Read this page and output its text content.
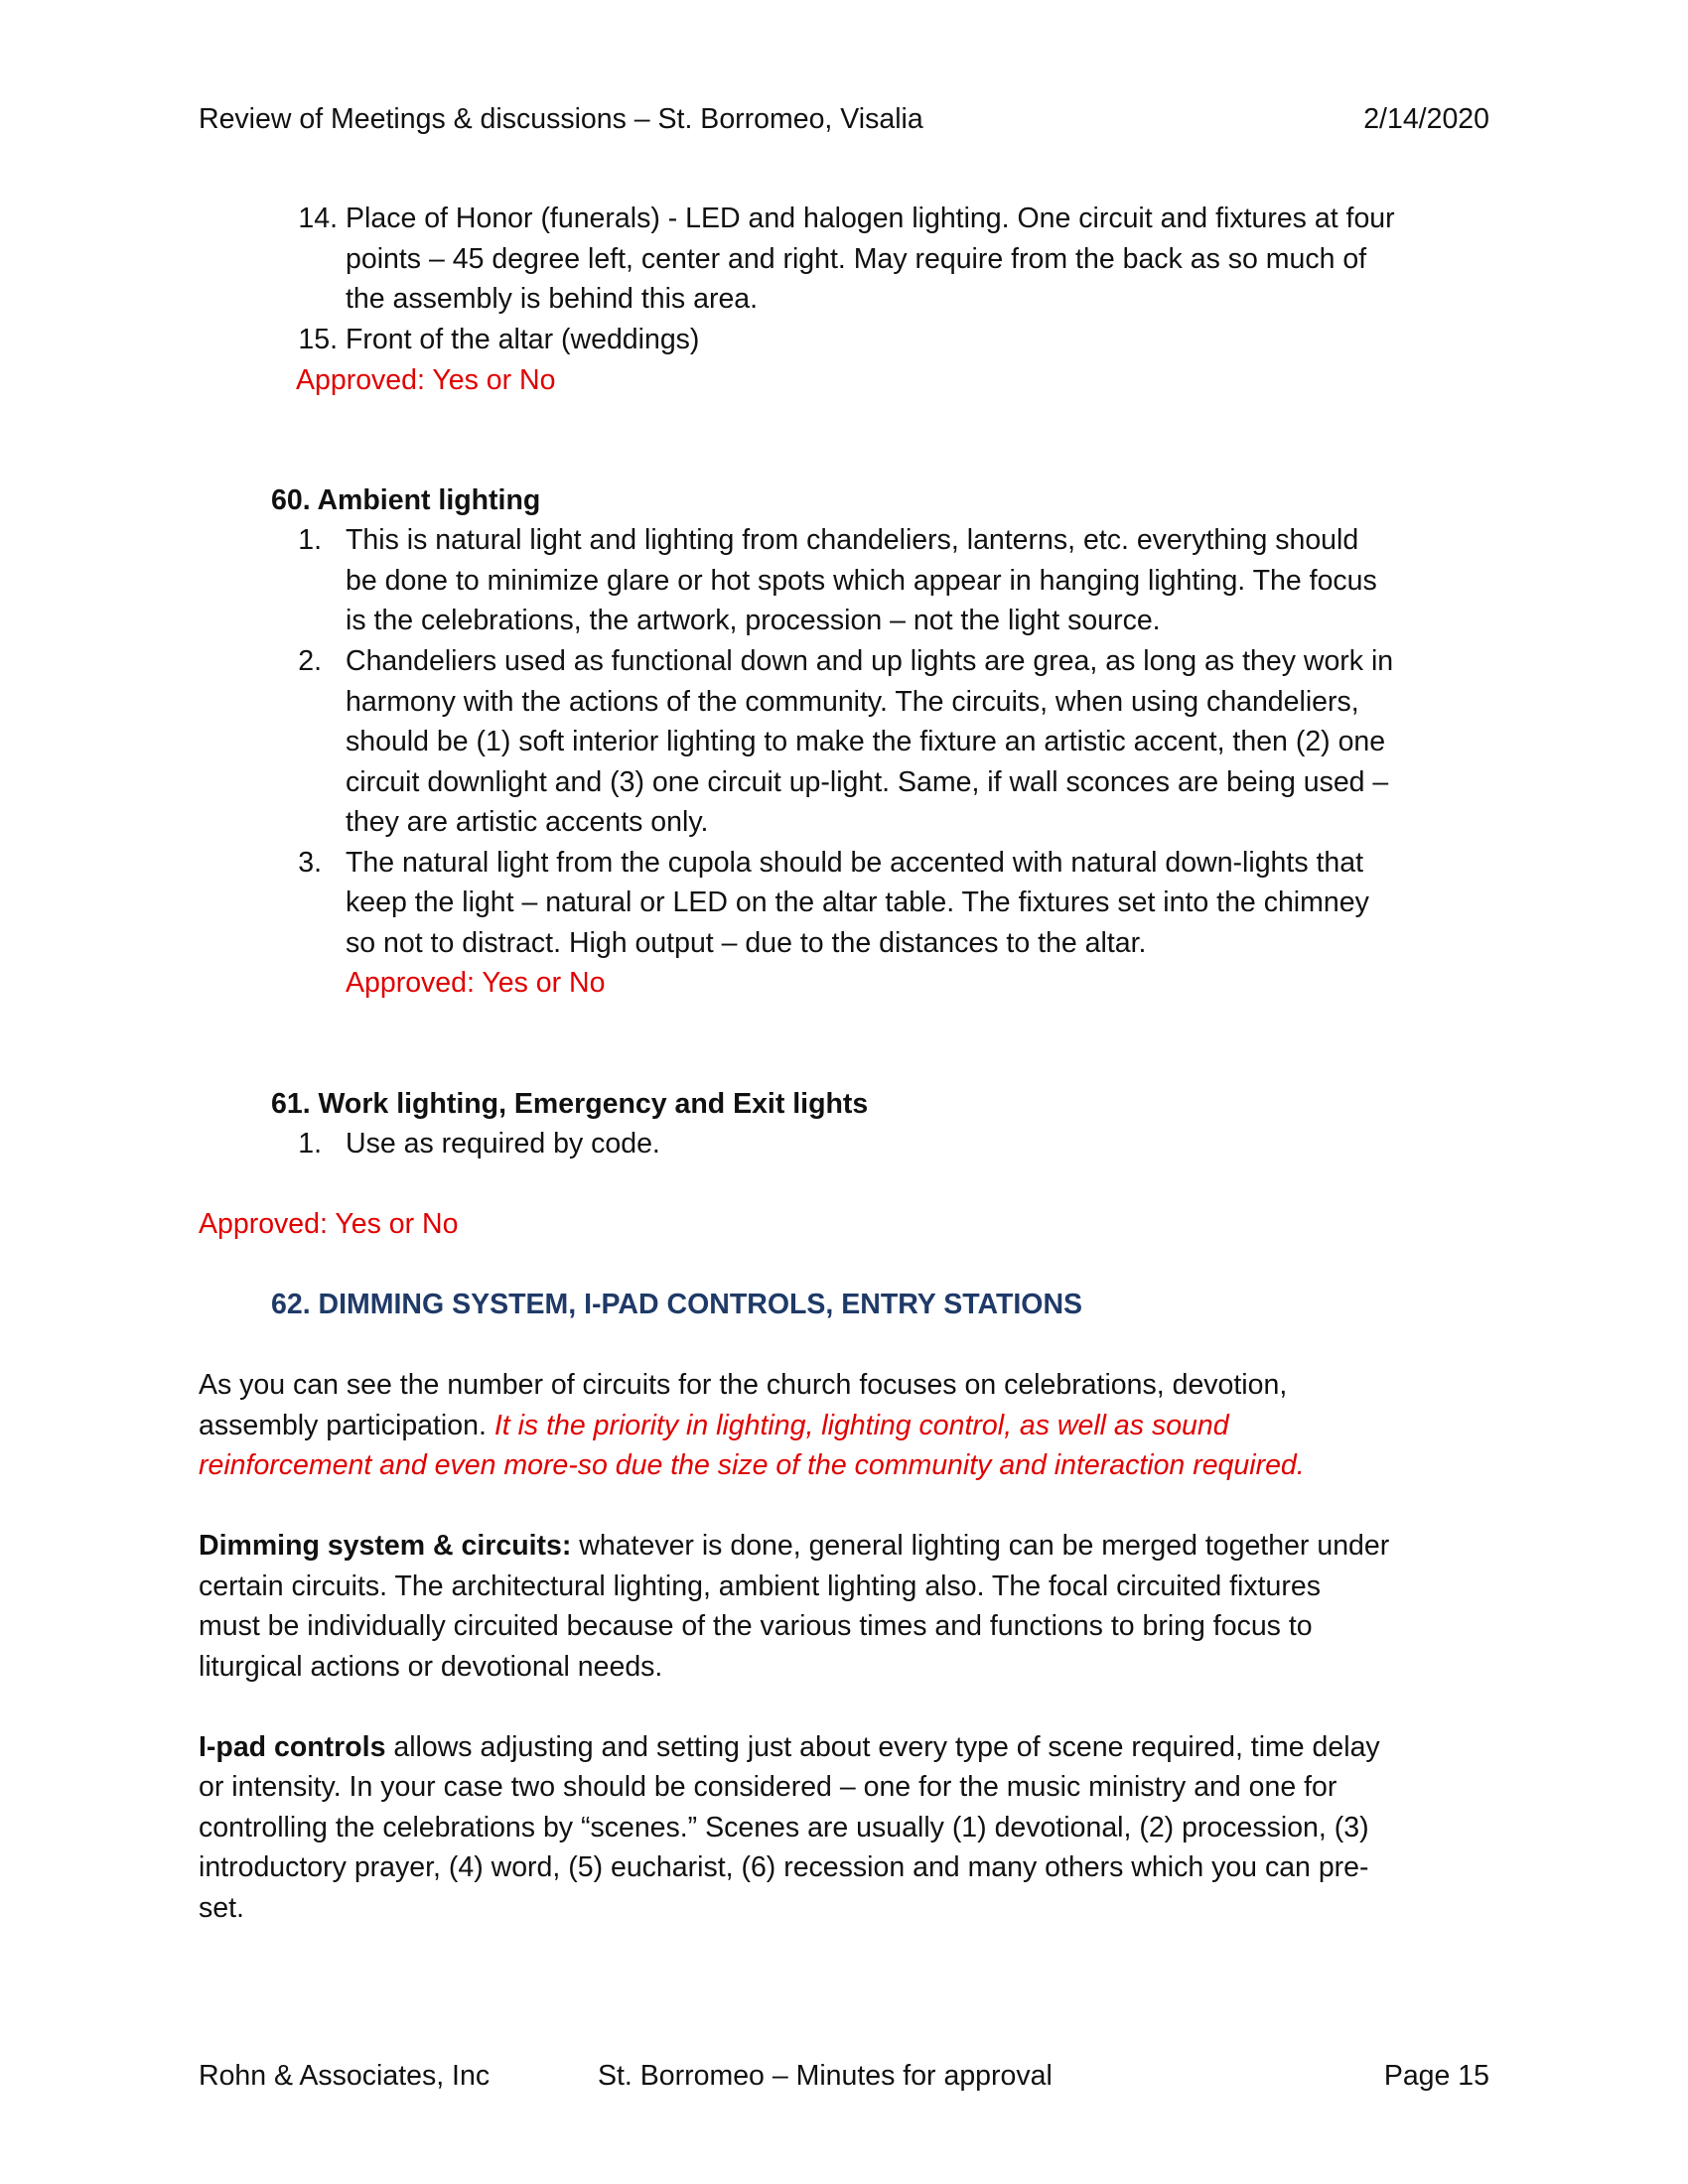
Review of Meetings & discussions – St. Borromeo, Visalia	2/14/2020
14. Place of Honor (funerals) - LED and halogen lighting. One circuit and fixtures at four
points – 45 degree left, center and right. May require from the back as so much of
the assembly is behind this area.
15. Front of the altar (weddings)
Approved: Yes or No
60. Ambient lighting
1. This is natural light and lighting from chandeliers, lanterns, etc. everything should
be done to minimize glare or hot spots which appear in hanging lighting. The focus
is the celebrations, the artwork, procession – not the light source.
2. Chandeliers used as functional down and up lights are grea, as long as they work in
harmony with the actions of the community. The circuits, when using chandeliers,
should be (1) soft interior lighting to make the fixture an artistic accent, then (2) one
circuit downlight and (3) one circuit up-light. Same, if wall sconces are being used –
they are artistic accents only.
3. The natural light from the cupola should be accented with natural down-lights that
keep the light – natural or LED on the altar table. The fixtures set into the chimney
so not to distract. High output – due to the distances to the altar.
Approved: Yes or No
61. Work lighting, Emergency and Exit lights
1. Use as required by code.
Approved: Yes or No
62. DIMMING SYSTEM, I-PAD CONTROLS, ENTRY STATIONS
As you can see the number of circuits for the church focuses on celebrations, devotion,
assembly participation. It is the priority in lighting, lighting control, as well as sound
reinforcement and even more-so due the size of the community and interaction required.
Dimming system & circuits: whatever is done, general lighting can be merged together under
certain circuits. The architectural lighting, ambient lighting also. The focal circuited fixtures
must be individually circuited because of the various times and functions to bring focus to
liturgical actions or devotional needs.
I-pad controls allows adjusting and setting just about every type of scene required, time delay
or intensity. In your case two should be considered – one for the music ministry and one for
controlling the celebrations by “scenes.” Scenes are usually (1) devotional, (2) procession, (3)
introductory prayer, (4) word, (5) eucharist, (6) recession and many others which you can pre-
set.
Rohn & Associates, Inc	St. Borromeo – Minutes for approval	Page 15
